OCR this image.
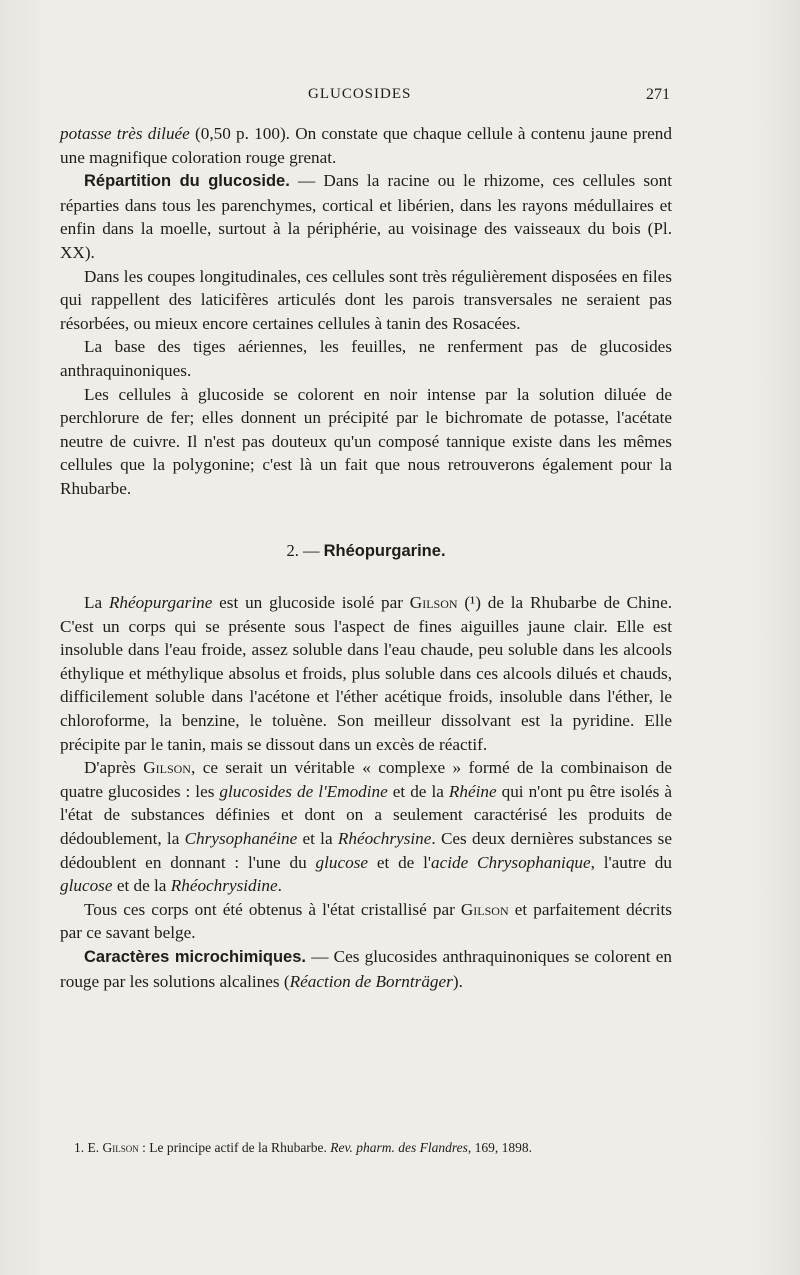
GLUCOSIDES	271

potasse très diluée (0,50 p. 100). On constate que chaque cellule à contenu jaune prend une magnifique coloration rouge grenat.

Répartition du glucoside. — Dans la racine ou le rhizome, ces cellules sont réparties dans tous les parenchymes, cortical et libérien, dans les rayons médullaires et enfin dans la moelle, surtout à la périphérie, au voisinage des vaisseaux du bois (Pl. XX).

Dans les coupes longitudinales, ces cellules sont très régulièrement disposées en files qui rappellent des laticifères articulés dont les parois transversales ne seraient pas résorbées, ou mieux encore certaines cellules à tanin des Rosacées.

La base des tiges aériennes, les feuilles, ne renferment pas de glucosides anthraquinoniques.

Les cellules à glucoside se colorent en noir intense par la solution diluée de perchlorure de fer; elles donnent un précipité par le bichromate de potasse, l'acétate neutre de cuivre. Il n'est pas douteux qu'un composé tannique existe dans les mêmes cellules que la polygonine; c'est là un fait que nous retrouverons également pour la Rhubarbe.

2. — Rhéopurgarine.

La Rhéopurgarine est un glucoside isolé par Gilson (¹) de la Rhubarbe de Chine. C'est un corps qui se présente sous l'aspect de fines aiguilles jaune clair. Elle est insoluble dans l'eau froide, assez soluble dans l'eau chaude, peu soluble dans les alcools éthylique et méthylique absolus et froids, plus soluble dans ces alcools dilués et chauds, difficilement soluble dans l'acétone et l'éther acétique froids, insoluble dans l'éther, le chloroforme, la benzine, le toluène. Son meilleur dissolvant est la pyridine. Elle précipite par le tanin, mais se dissout dans un excès de réactif.

D'après Gilson, ce serait un véritable « complexe » formé de la combinaison de quatre glucosides : les glucosides de l'Emodine et de la Rhéine qui n'ont pu être isolés à l'état de substances définies et dont on a seulement caractérisé les produits de dédoublement, la Chrysophanéine et la Rhéochrysine. Ces deux dernières substances se dédoublent en donnant : l'une du glucose et de l'acide Chrysophanique, l'autre du glucose et de la Rhéochrysidine.

Tous ces corps ont été obtenus à l'état cristallisé par Gilson et parfaitement décrits par ce savant belge.

Caractères microchimiques. — Ces glucosides anthraquinoniques se colorent en rouge par les solutions alcalines (Réaction de Bornträger).

1. E. Gilson : Le principe actif de la Rhubarbe. Rev. pharm. des Flandres, 169, 1898.
